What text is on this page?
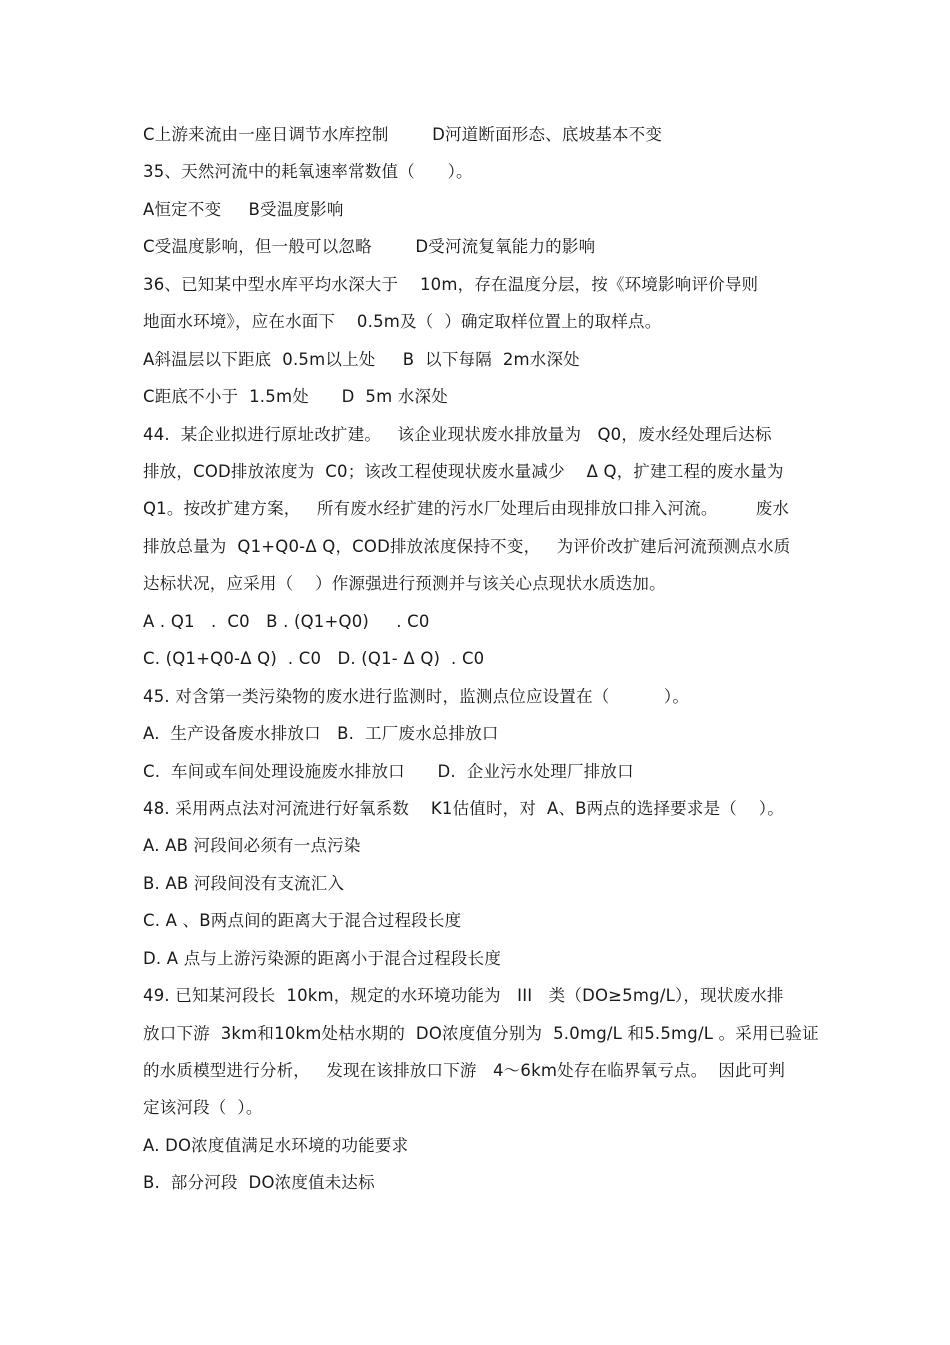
C上游来流由一座日调节水库控制        D河道断面形态、底坡基本不变
35、天然河流中的耗氧速率常数值（      ）。
A恒定不变     B受温度影响
C受温度影响，但一般可以忽略        D受河流复氧能力的影响
36、已知某中型水库平均水深大于    10m，存在温度分层，按《环境影响评价导则
地面水环境》，应在水面下    0.5m及（  ）确定取样位置上的取样点。
A斜温层以下距底  0.5m以上处     B  以下每隔  2m水深处
C距底不小于  1.5m处      D  5m 水深处
44.  某企业拟进行原址改扩建。   该企业现状废水排放量为   Q0，废水经处理后达标
排放，COD排放浓度为  C0；该改工程使现状废水量减少    Δ Q，扩建工程的废水量为
Q1。按改扩建方案，   所有废水经扩建的污水厂处理后由现排放口排入河流。       废水
排放总量为  Q1+Q0-Δ Q，COD排放浓度保持不变，   为评价改扩建后河流预测点水质
达标状况，应采用（    ）作源强进行预测并与该关心点现状水质迭加。
A . Q1   .  C0   B . (Q1+Q0)     . C0
C. (Q1+Q0-Δ Q)  . C0   D. (Q1- Δ Q)  . C0
45. 对含第一类污染物的废水进行监测时，监测点位应设置在（          ）。
A.  生产设备废水排放口   B.  工厂废水总排放口
C.  车间或车间处理设施废水排放口      D.  企业污水处理厂排放口
48. 采用两点法对河流进行好氧系数    K1估值时，对  A、B两点的选择要求是（    ）。
A. AB 河段间必须有一点污染
B. AB 河段间没有支流汇入
C. A 、B两点间的距离大于混合过程段长度
D. A 点与上游污染源的距离小于混合过程段长度
49. 已知某河段长  10km，规定的水环境功能为   III   类（DO≥5mg/L），现状废水排
放口下游  3km和10km处枯水期的  DO浓度值分别为  5.0mg/L 和5.5mg/L 。采用已验证
的水质模型进行分析，   发现在该排放口下游   4～6km处存在临界氧亏点。  因此可判
定该河段（  ）。
A. DO浓度值满足水环境的功能要求
B.  部分河段  DO浓度值未达标
